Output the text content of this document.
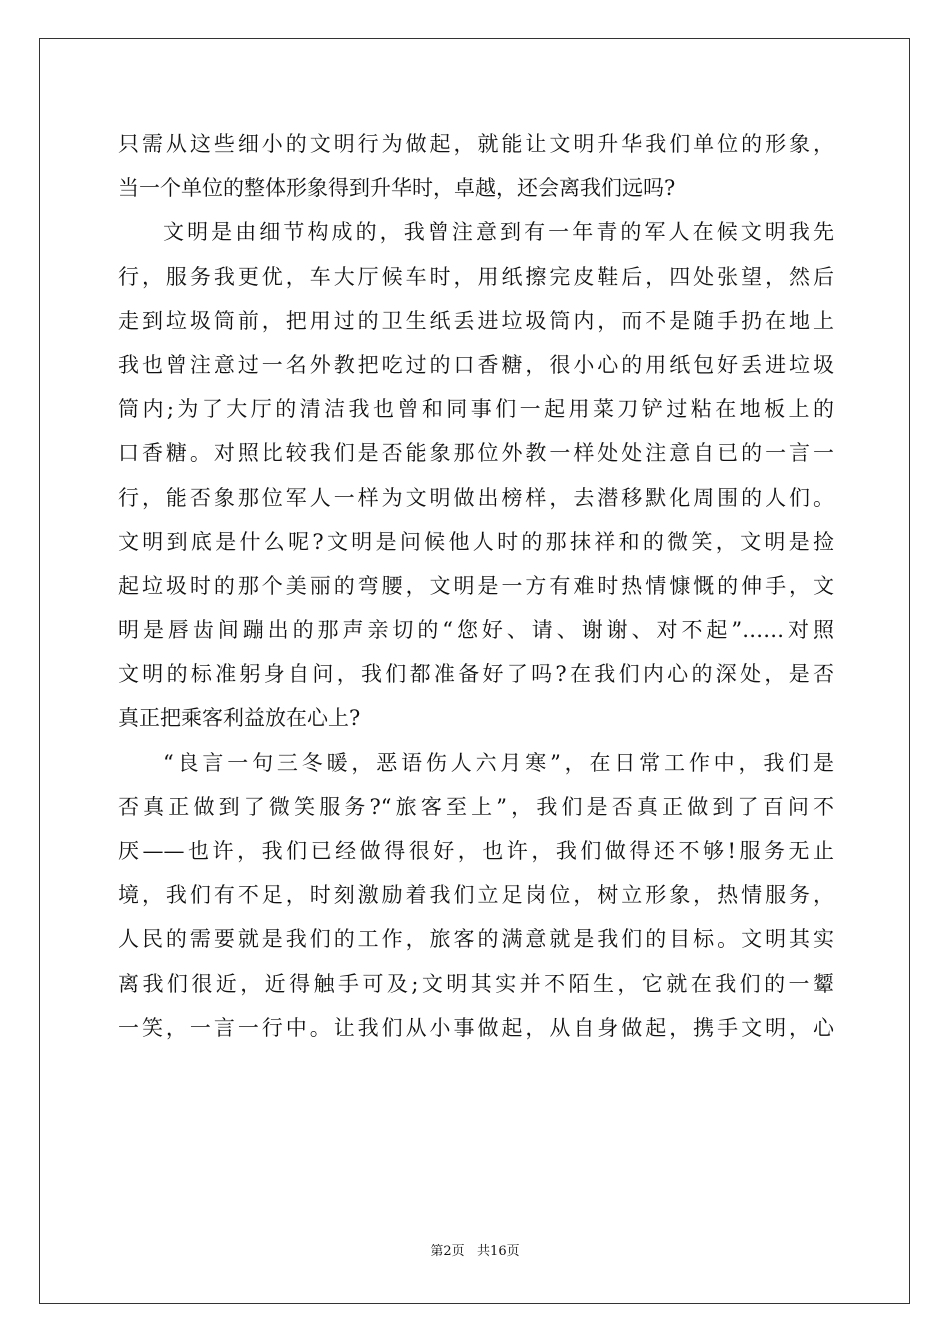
只需从这些细小的文明行为做起，就能让文明升华我们单位的形象，
当一个单位的整体形象得到升华时，卓越，还会离我们远吗?
文明是由细节构成的，我曾注意到有一年青的军人在候文明我先
行，服务我更优，车大厅候车时，用纸擦完皮鞋后，四处张望，然后
走到垃圾筒前，把用过的卫生纸丢进垃圾筒内，而不是随手扔在地上
我也曾注意过一名外教把吃过的口香糖，很小心的用纸包好丢进垃圾
筒内;为了大厅的清洁我也曾和同事们一起用菜刀铲过粘在地板上的
口香糖。对照比较我们是否能象那位外教一样处处注意自已的一言一
行，能否象那位军人一样为文明做出榜样，去潜移默化周围的人们。
文明到底是什么呢?文明是问候他人时的那抹祥和的微笑，文明是捡
起垃圾时的那个美丽的弯腰，文明是一方有难时热情慷慨的伸手，文
明是唇齿间蹦出的那声亲切的“您好、请、谢谢、对不起”……对照
文明的标准躬身自问，我们都准备好了吗?在我们内心的深处，是否
真正把乘客利益放在心上?
“良言一句三冬暖，恶语伤人六月寒”，在日常工作中，我们是
否真正做到了微笑服务?“旅客至上”，我们是否真正做到了百问不
厌——也许，我们已经做得很好，也许，我们做得还不够!服务无止
境，我们有不足，时刻激励着我们立足岗位，树立形象，热情服务，
人民的需要就是我们的工作，旅客的满意就是我们的目标。文明其实
离我们很近，近得触手可及;文明其实并不陌生，它就在我们的一颦
一笑，一言一行中。让我们从小事做起，从自身做起，携手文明，心
第2页   共16页
